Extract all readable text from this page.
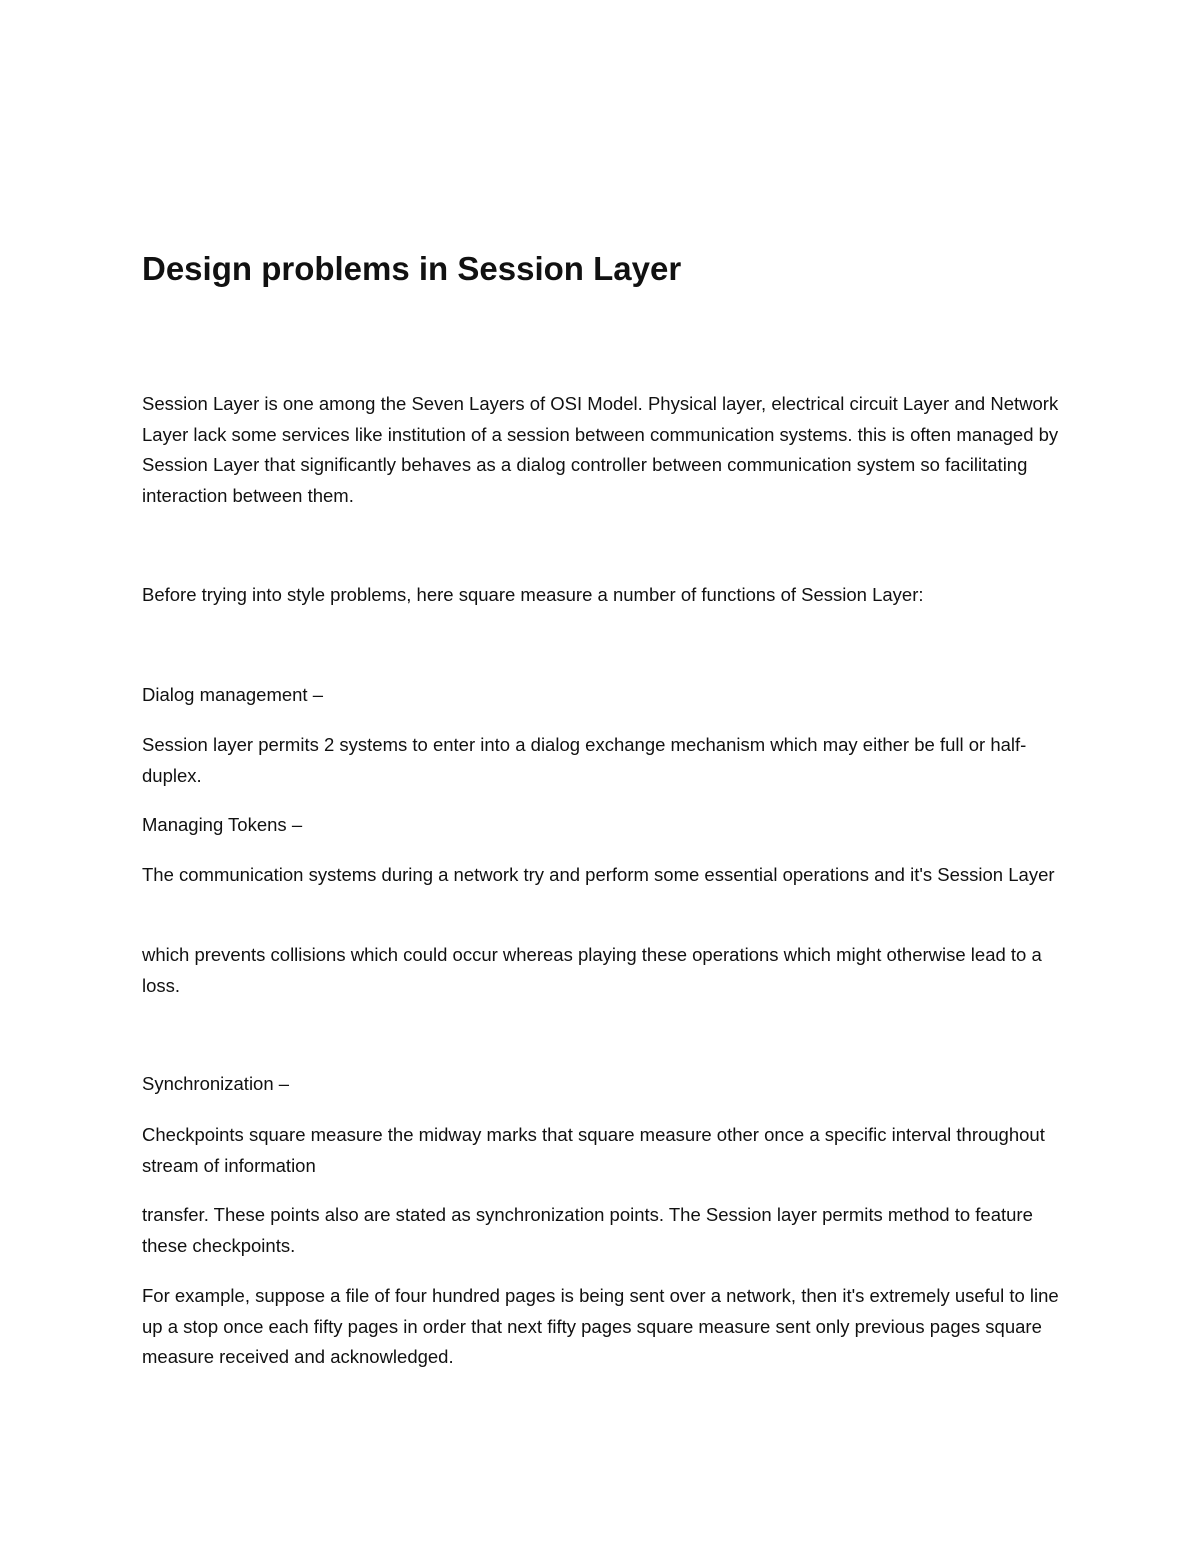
Design problems in Session Layer

Session Layer is one among the Seven Layers of OSI Model. Physical layer, electrical circuit Layer and Network Layer lack some services like institution of a session between communication systems. this is often managed by Session Layer that significantly behaves as a dialog controller between communication system so facilitating interaction between them.

Before trying into style problems, here square measure a number of functions of Session Layer:

Dialog management –

Session layer permits 2 systems to enter into a dialog exchange mechanism which may either be full or half-duplex.

Managing Tokens –

The communication systems during a network try and perform some essential operations and it's Session Layer

which prevents collisions which could occur whereas playing these operations which might otherwise lead to a loss.

Synchronization –

Checkpoints square measure the midway marks that square measure other once a specific interval throughout stream of information

transfer. These points also are stated as synchronization points. The Session layer permits method to feature these checkpoints.

For example, suppose a file of four hundred pages is being sent over a network, then it's extremely useful to line up a stop once each fifty pages in order that next fifty pages square measure sent only previous pages square measure received and acknowledged.
